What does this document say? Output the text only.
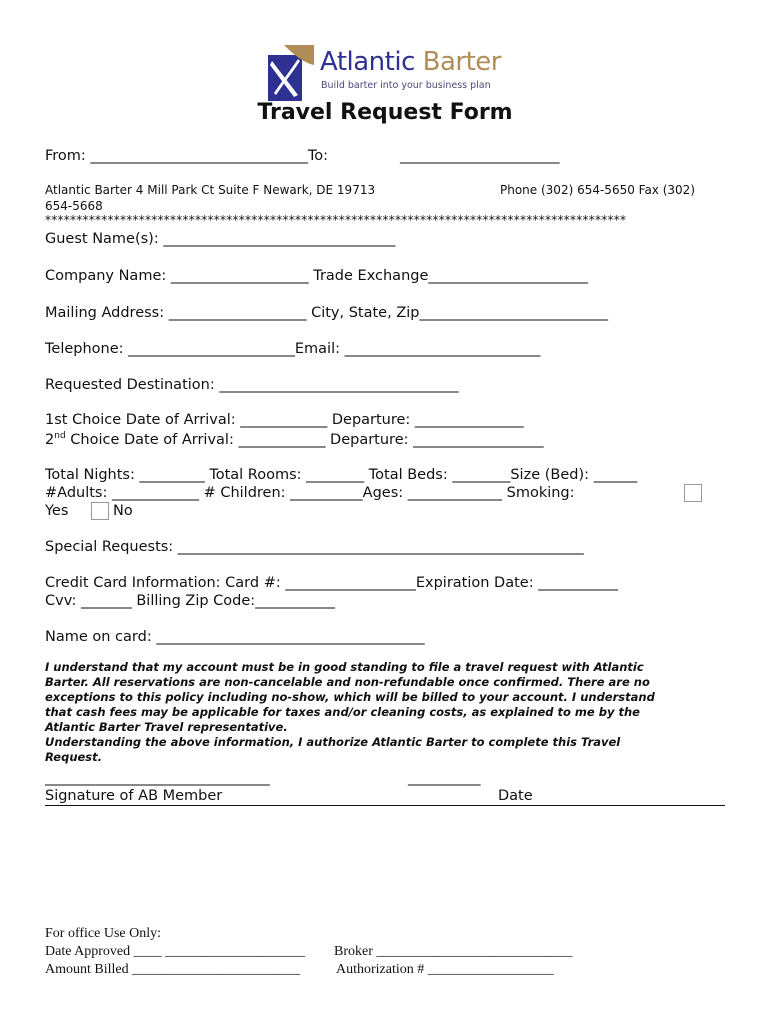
Atlantic Barter
Build barter into your business plan
Travel Request Form
From: ______________________________To:	______________________
Atlantic Barter 4 Mill Park Ct Suite F Newark, DE 19713	Phone (302) 654-5650 Fax (302)
654-5668
*********************************************************************************************
Guest Name(s): ________________________________
Company Name: ___________________ Trade Exchange______________________
Mailing Address: ___________________ City, State, Zip__________________________
Telephone: _______________________Email: ___________________________
Requested Destination: _________________________________
1st Choice Date of Arrival: ____________ Departure: _______________
2nd Choice Date of Arrival: ____________ Departure: __________________
Total Nights: _________ Total Rooms: ________ Total Beds: ________Size (Bed): ______
#Adults: ____________ # Children: __________Ages: _____________ Smoking:
Yes	No
Special Requests: ________________________________________________________
Credit Card Information: Card #: __________________Expiration Date: ___________
Cvv: _______ Billing Zip Code:___________
Name on card: _____________________________________
I understand that my account must be in good standing to file a travel request with Atlantic
Barter. All reservations are non-cancelable and non-refundable once confirmed. There are no
exceptions to this policy including no-show, which will be billed to your account. I understand
that cash fees may be applicable for taxes and/or cleaning costs, as explained to me by the
Atlantic Barter Travel representative.
Understanding the above information, I authorize Atlantic Barter to complete this Travel
Request.
_______________________________	__________
Signature of AB Member	Date
For office Use Only:
Date Approved ____ ____________________ Broker ____________________________
Amount Billed ________________________	Authorization # __________________
